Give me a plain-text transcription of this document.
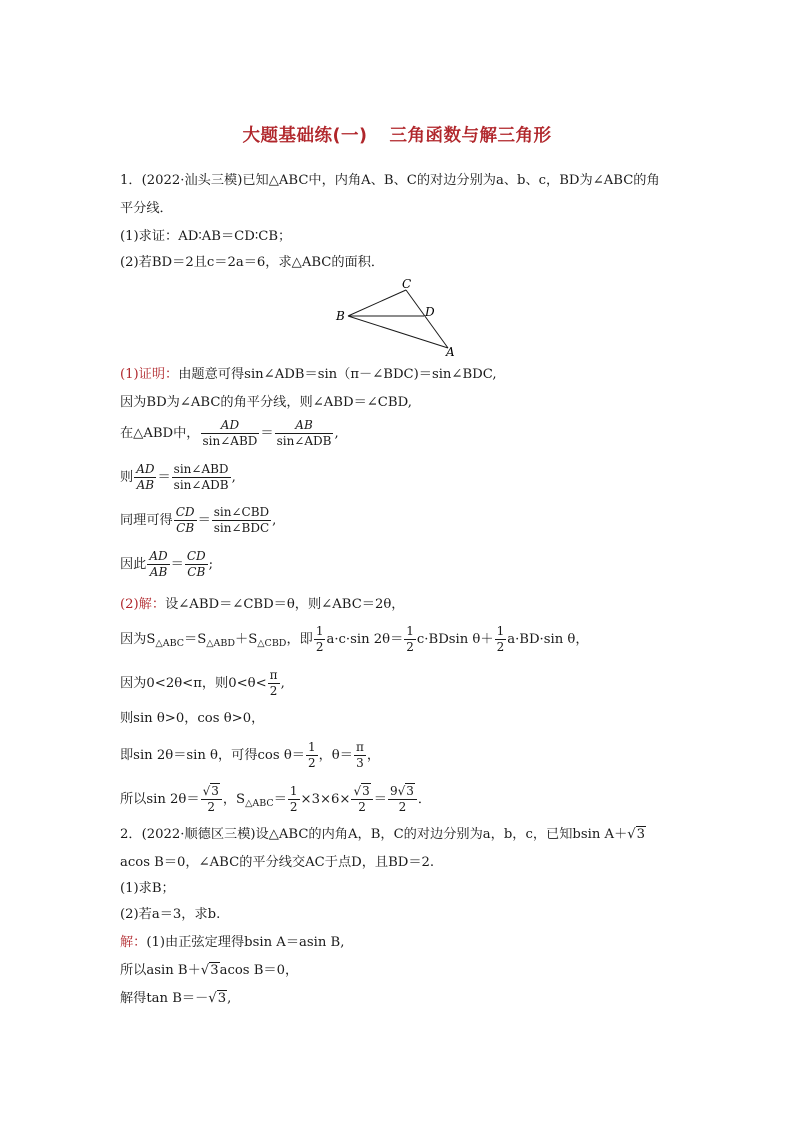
大题基础练(一) 三角函数与解三角形
1．(2022·汕头三模)已知△ABC中，内角A、B、C的对边分别为a、b、c，BD为∠ABC的角
平分线．
(1)求证：AD∶AB＝CD∶CB；
(2)若BD＝2且c＝2a＝6，求△ABC的面积．
B
C
D
A
(1)证明：由题意可得sin∠ADB＝sin（π－∠BDC)＝sin∠BDC,
因为BD为∠ABC的角平分线，则∠ABD＝∠CBD,
在△ABD中， $\frac{AD}{\text{sin∠ABD}} = \frac{AB}{\text{sin∠ADB}}$ ,
则 $\frac{AD}{AB} = \frac{\text{sin∠ABD}}{\text{sin∠ADB}}$ ,
同理可得 $\frac{CD}{CB} = \frac{\text{sin∠CBD}}{\text{sin∠BDC}}$ ,
因此 $\frac{AD}{AB} = \frac{CD}{CB}$ ;
(2)解：设∠ABD＝∠CBD＝θ，则∠ABC＝2θ，
因为$S_{\triangle ABC}=S_{\triangle ABD}+S_{\triangle CBD}$，即 $\frac{1}{2} a\cdot c\cdot\sin$ $2\theta= \frac{1}{2} c\cdot BDsin$ $\theta+ \frac{1}{2} a\cdot BD\cdot\sin$ θ，
因为0<2θ<π，则$0<\theta< \frac{\pi}{2}$ ,
则sin θ>0，cos θ>0，
即sin 2θ＝sin θ，可得$\cos \theta= \frac{1}{2}$ ，$\theta= \frac{\pi}{3}$ ，
所以$\sin 2\theta= \frac{√3}{2}$ ，$S_{\triangle ABC}= \frac{1}{2} \times 3\times 6\times \frac{√3}{2} = \frac{9√3}{2}$ ．
2．(2022·顺德区三模)设△ABC的内角A，B，C的对边分别为a，b，c，已知bsin A＋√3
acos B＝0，∠ABC的平分线交AC于点D，且BD＝2.
(1)求B；
(2)若a＝3，求b.
解：(1)由正弦定理得bsin A＝asin B,
所以asin B＋√3acos B＝0，
解得tan B＝－√3,
